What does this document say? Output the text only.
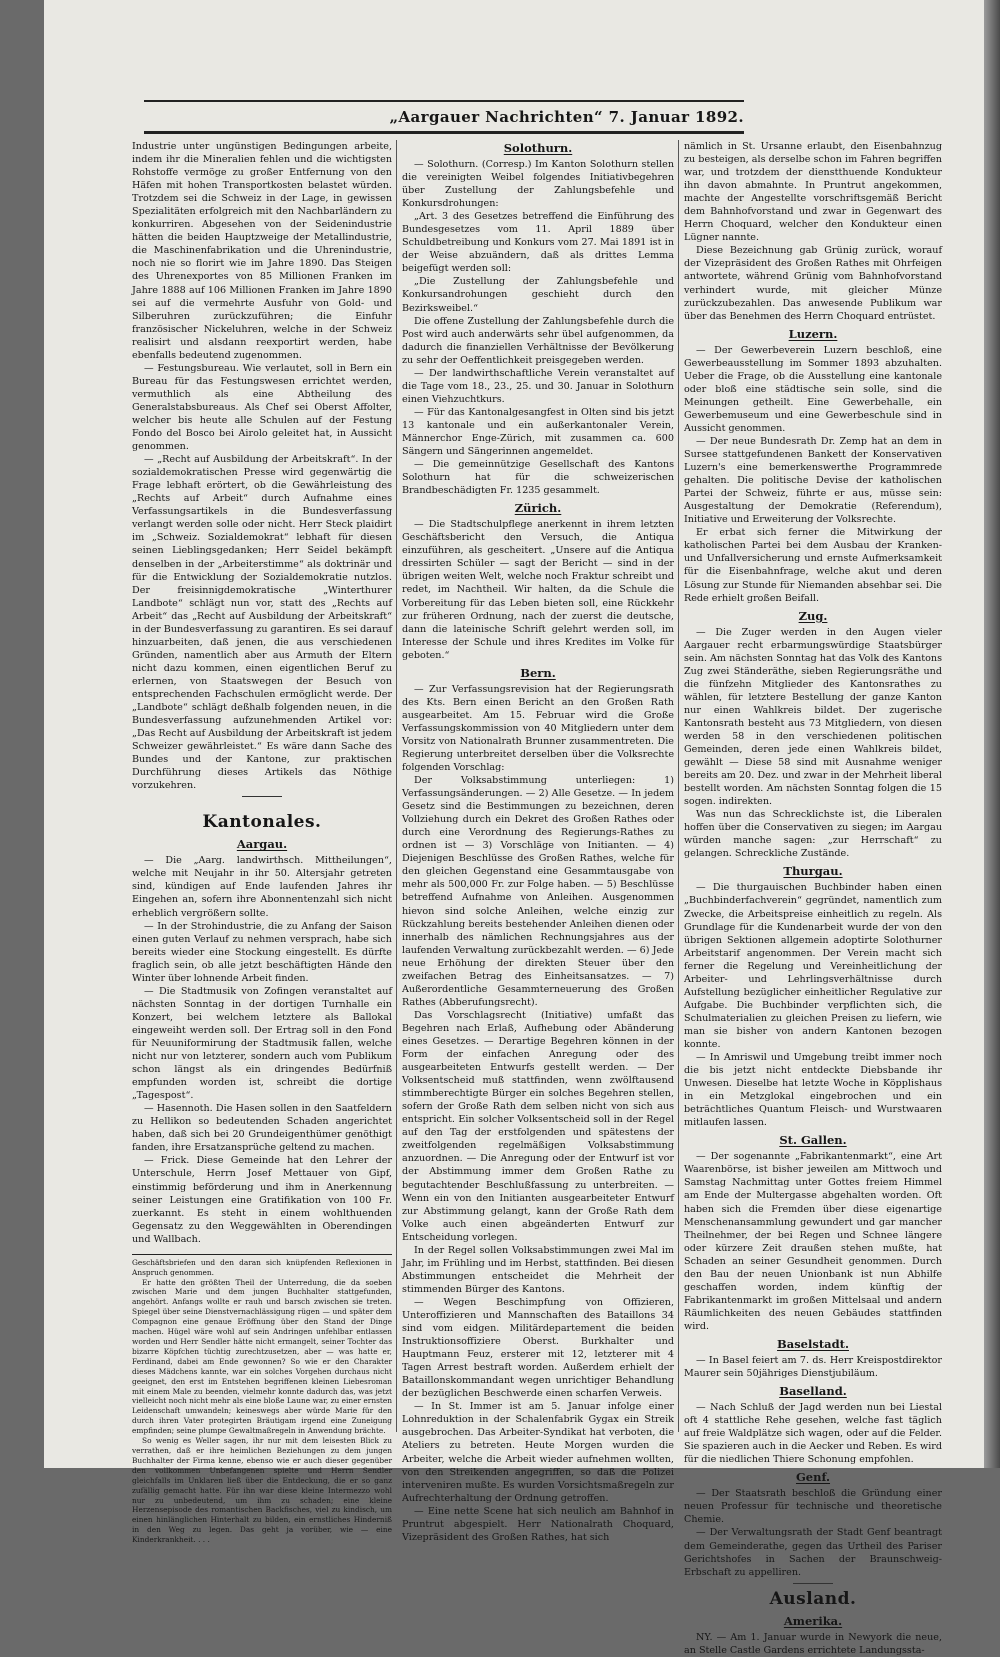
„Aargauer Nachrichten“ 7. Januar 1892.

Industrie unter ungünstigen Bedingungen arbeite, indem ihr die Mineralien fehlen und die wichtigsten Rohstoffe vermöge zu großer Entfernung von den Häfen mit hohen Transportkosten belastet würden. Trotzdem sei die Schweiz in der Lage, in gewissen Spezialitäten erfolgreich mit den Nachbarländern zu konkurriren. Abgesehen von der Seidenindustrie hätten die beiden Hauptzweige der Metallindustrie, die Maschinenfabrikation und die Uhrenindustrie, noch nie so florirt wie im Jahre 1890. Das Steigen des Uhrenexportes von 85 Millionen Franken im Jahre 1888 auf 106 Millionen Franken im Jahre 1890 sei auf die vermehrte Ausfuhr von Gold- und Silberuhren zurückzuführen; die Einfuhr französischer Nickeluhren, welche in der Schweiz realisirt und alsdann reexportirt werden, habe ebenfalls bedeutend zugenommen.

— Festungsbureau. Wie verlautet, soll in Bern ein Bureau für das Festungswesen errichtet werden, vermuthlich als eine Abtheilung des Generalstabsbureaus. Als Chef sei Oberst Affolter, welcher bis heute alle Schulen auf der Festung Fondo del Bosco bei Airolo geleitet hat, in Aussicht genommen.

— „Recht auf Ausbildung der Arbeitskraft“. In der sozialdemokratischen Presse wird gegenwärtig die Frage lebhaft erörtert, ob die Gewährleistung des „Rechts auf Arbeit“ durch Aufnahme eines Verfassungsartikels in die Bundesverfassung verlangt werden solle oder nicht. Herr Steck plaidirt im „Schweiz. Sozialdemokrat“ lebhaft für diesen seinen Lieblingsgedanken; Herr Seidel bekämpft denselben in der „Arbeiterstimme“ als doktrinär und für die Entwicklung der Sozialdemokratie nutzlos. Der freisinnigdemokratische „Winterthurer Landbote“ schlägt nun vor, statt des „Rechts auf Arbeit“ das „Recht auf Ausbildung der Arbeitskraft“ in der Bundesverfassung zu garantiren. Es sei darauf hinzuarbeiten, daß jenen, die aus verschiedenen Gründen, namentlich aber aus Armuth der Eltern nicht dazu kommen, einen eigentlichen Beruf zu erlernen, von Staatswegen der Besuch von entsprechenden Fachschulen ermöglicht werde. Der „Landbote“ schlägt deßhalb folgenden neuen, in die Bundesverfassung aufzunehmenden Artikel vor: „Das Recht auf Ausbildung der Arbeitskraft ist jedem Schweizer gewährleistet.“ Es wäre dann Sache des Bundes und der Kantone, zur praktischen Durchführung dieses Artikels das Nöthige vorzukehren.

Kantonales.
Aargau.

— Die „Aarg. landwirthsch. Mittheilungen“, welche mit Neujahr in ihr 50. Altersjahr getreten sind, kündigen auf Ende laufenden Jahres ihr Eingehen an, sofern ihre Abonnentenzahl sich nicht erheblich vergrößern sollte.

— In der Strohindustrie, die zu Anfang der Saison einen guten Verlauf zu nehmen versprach, habe sich bereits wieder eine Stockung eingestellt. Es dürfte fraglich sein, ob alle jetzt beschäftigten Hände den Winter über lohnende Arbeit finden.

— Die Stadtmusik von Zofingen veranstaltet auf nächsten Sonntag in der dortigen Turnhalle ein Konzert, bei welchem letztere als Ballokal eingeweiht werden soll. Der Ertrag soll in den Fond für Neuuniformirung der Stadtmusik fallen, welche nicht nur von letzterer, sondern auch vom Publikum schon längst als ein dringendes Bedürfniß empfunden worden ist, schreibt die dortige „Tagespost“.

— Hasennoth. Die Hasen sollen in den Saatfeldern zu Hellikon so bedeutenden Schaden angerichtet haben, daß sich bei 20 Grundeigenthümer genöthigt fanden, ihre Ersatzansprüche geltend zu machen.

— Frick. Diese Gemeinde hat den Lehrer der Unterschule, Herrn Josef Mettauer von Gipf, einstimmig beförderung und ihm in Anerkennung seiner Leistungen eine Gratifikation von 100 Fr. zuerkannt. Es steht in einem wohlthuenden Gegensatz zu den Weggewählten in Oberendingen und Wallbach.

Geschäftsbriefen und den daran sich knüpfenden Reflexionen in Anspruch genommen.

Er hatte den größten Theil der Unterredung, die da soeben zwischen Marie und dem jungen Buchhalter stattgefunden, angehört. Anfangs wollte er rauh und barsch zwischen sie treten. Spiegel über seine Dienstvernachlässigung rügen — und später dem Compagnon eine genaue Eröffnung über den Stand der Dinge machen. Hügel wäre wohl auf sein Andringen unfehlbar entlassen worden und Herr Sendler hätte nicht ermangelt, seiner Tochter das bizarre Köpfchen tüchtig zurechtzusetzen, aber — was hatte er, Ferdinand, dabei am Ende gewonnen? So wie er den Charakter dieses Mädchens kannte, war ein solches Vorgehen durchaus nicht geeignet, den erst im Entstehen begriffenen kleinen Liebesroman mit einem Male zu beenden, vielmehr konnte dadurch das, was jetzt vielleicht noch nicht mehr als eine bloße Laune war, zu einer ernsten Leidenschaft umwandeln; keineswegs aber würde Marie für den durch ihren Vater protegirten Bräutigam irgend eine Zuneigung empfinden; seine plumpe Gewaltmaßregeln in Anwendung brächte.

So wenig es Weller sagen, ihr nur mit dem leisesten Blick zu verrathen, daß er ihre heimlichen Beziehungen zu dem jungen Buchhalter der Firma kenne, ebenso wie er auch dieser gegenüber den vollkommen Unbefangenen spielte und Herrn Sendler gleichfalls im Unklaren ließ über die Entdeckung, die er so ganz zufällig gemacht hatte. Für ihn war diese kleine Intermezzo wohl nur zu unbedeutend, um ihm zu schaden; eine kleine Herzensepisode des romantischen Backfisches, viel zu kindisch, um einen hinlänglichen Hinterhalt zu bilden, ein ernstliches Hinderniß in den Weg zu legen. Das geht ja vorüber, wie — eine Kinderkrankheit. . . .

Solothurn.

— Solothurn. (Corresp.) Im Kanton Solothurn stellen die vereinigten Weibel folgendes Initiativbegehren über Zustellung der Zahlungsbefehle und Konkursdrohungen:

„Art. 3 des Gesetzes betreffend die Einführung des Bundesgesetzes vom 11. April 1889 über Schuldbetreibung und Konkurs vom 27. Mai 1891 ist in der Weise abzuändern, daß als drittes Lemma beigefügt werden soll:

„Die Zustellung der Zahlungsbefehle und Konkursandrohungen geschieht durch den Bezirksweibel.“

Die offene Zustellung der Zahlungsbefehle durch die Post wird auch anderwärts sehr übel aufgenommen, da dadurch die finanziellen Verhältnisse der Bevölkerung zu sehr der Oeffentlichkeit preisgegeben werden.

— Der landwirthschaftliche Verein veranstaltet auf die Tage vom 18., 23., 25. und 30. Januar in Solothurn einen Viehzuchtkurs.

— Für das Kantonalgesangfest in Olten sind bis jetzt 13 kantonale und ein außerkantonaler Verein, Männerchor Enge-Zürich, mit zusammen ca. 600 Sängern und Sängerinnen angemeldet.

— Die gemeinnützige Gesellschaft des Kantons Solothurn hat für die schweizerischen Brandbeschädigten Fr. 1235 gesammelt.

Zürich.

— Die Stadtschulpflege anerkennt in ihrem letzten Geschäftsbericht den Versuch, die Antiqua einzuführen, als gescheitert. „Unsere auf die Antiqua dressirten Schüler — sagt der Bericht — sind in der übrigen weiten Welt, welche noch Fraktur schreibt und redet, im Nachtheil. Wir halten, da die Schule die Vorbereitung für das Leben bieten soll, eine Rückkehr zur früheren Ordnung, nach der zuerst die deutsche, dann die lateinische Schrift gelehrt werden soll, im Interesse der Schule und ihres Kredites im Volke für geboten.“

Bern.

— Zur Verfassungsrevision hat der Regierungsrath des Kts. Bern einen Bericht an den Großen Rath ausgearbeitet. Am 15. Februar wird die Große Verfassungskommission von 40 Mitgliedern unter dem Vorsitz von Nationalrath Brunner zusammentreten. Die Regierung unterbreitet derselben über die Volksrechte folgenden Vorschlag:

Der Volksabstimmung unterliegen: 1) Verfassungsänderungen. — 2) Alle Gesetze. — In jedem Gesetz sind die Bestimmungen zu bezeichnen, deren Vollziehung durch ein Dekret des Großen Rathes oder durch eine Verordnung des Regierungs-Rathes zu ordnen ist — 3) Vorschläge von Initianten. — 4) Diejenigen Beschlüsse des Großen Rathes, welche für den gleichen Gegenstand eine Gesammtausgabe von mehr als 500,000 Fr. zur Folge haben. — 5) Beschlüsse betreffend Aufnahme von Anleihen. Ausgenommen hievon sind solche Anleihen, welche einzig zur Rückzahlung bereits bestehender Anleihen dienen oder innerhalb des nämlichen Rechnungsjahres aus der laufenden Verwaltung zurückbezahlt werden. — 6) Jede neue Erhöhung der direkten Steuer über den zweifachen Betrag des Einheitsansatzes. — 7) Außerordentliche Gesammterneuerung des Großen Rathes (Abberufungsrecht).

Das Vorschlagsrecht (Initiative) umfaßt das Begehren nach Erlaß, Aufhebung oder Abänderung eines Gesetzes. — Derartige Begehren können in der Form der einfachen Anregung oder des ausgearbeiteten Entwurfs gestellt werden. — Der Volksentscheid muß stattfinden, wenn zwölftausend stimmberechtigte Bürger ein solches Begehren stellen, sofern der Große Rath dem selben nicht von sich aus entspricht. Ein solcher Volksentscheid soll in der Regel auf den Tag der erstfolgenden und spätestens der zweitfolgenden regelmäßigen Volksabstimmung anzuordnen. — Die Anregung oder der Entwurf ist vor der Abstimmung immer dem Großen Rathe zu begutachtender Beschlußfassung zu unterbreiten. — Wenn ein von den Initianten ausgearbeiteter Entwurf zur Abstimmung gelangt, kann der Große Rath dem Volke auch einen abgeänderten Entwurf zur Entscheidung vorlegen.

In der Regel sollen Volksabstimmungen zwei Mal im Jahr, im Frühling und im Herbst, stattfinden. Bei diesen Abstimmungen entscheidet die Mehrheit der stimmenden Bürger des Kantons.

— Wegen Beschimpfung von Offizieren, Unteroffizieren und Mannschaften des Bataillons 34 sind vom eidgen. Militärdepartement die beiden Instruktionsoffiziere Oberst. Burkhalter und Hauptmann Feuz, ersterer mit 12, letzterer mit 4 Tagen Arrest bestraft worden. Außerdem erhielt der Bataillonskommandant wegen unrichtiger Behandlung der bezüglichen Beschwerde einen scharfen Verweis.

— In St. Immer ist am 5. Januar infolge einer Lohnreduktion in der Schalenfabrik Gygax ein Streik ausgebrochen. Das Arbeiter-Syndikat hat verboten, die Ateliers zu betreten. Heute Morgen wurden die Arbeiter, welche die Arbeit wieder aufnehmen wollten, von den Streikenden angegriffen, so daß die Polizei interveniren mußte. Es wurden Vorsichtsmaßregeln zur Aufrechterhaltung der Ordnung getroffen.

— Eine nette Scene hat sich neulich am Bahnhof in Pruntrut abgespielt. Herr Nationalrath Choquard, Vizepräsident des Großen Rathes, hat sich

nämlich in St. Ursanne erlaubt, den Eisenbahnzug zu besteigen, als derselbe schon im Fahren begriffen war, und trotzdem der dienstthuende Kondukteur ihn davon abmahnte. In Pruntrut angekommen, machte der Angestellte vorschriftsgemäß Bericht dem Bahnhofvorstand und zwar in Gegenwart des Herrn Choquard, welcher den Kondukteur einen Lügner nannte.

Diese Bezeichnung gab Grünig zurück, worauf der Vizepräsident des Großen Rathes mit Ohrfeigen antwortete, während Grünig vom Bahnhofvorstand verhindert wurde, mit gleicher Münze zurückzubezahlen. Das anwesende Publikum war über das Benehmen des Herrn Choquard entrüstet.

Luzern.

— Der Gewerbeverein Luzern beschloß, eine Gewerbeausstellung im Sommer 1893 abzuhalten. Ueber die Frage, ob die Ausstellung eine kantonale oder bloß eine städtische sein solle, sind die Meinungen getheilt. Eine Gewerbehalle, ein Gewerbemuseum und eine Gewerbeschule sind in Aussicht genommen.

— Der neue Bundesrath Dr. Zemp hat an dem in Sursee stattgefundenen Bankett der Konservativen Luzern's eine bemerkenswerthe Programmrede gehalten. Die politische Devise der katholischen Partei der Schweiz, führte er aus, müsse sein: Ausgestaltung der Demokratie (Referendum), Initiative und Erweiterung der Volksrechte.

Er erbat sich ferner die Mitwirkung der katholischen Partei bei dem Ausbau der Kranken- und Unfallversicherung und ernste Aufmerksamkeit für die Eisenbahnfrage, welche akut und deren Lösung zur Stunde für Niemanden absehbar sei. Die Rede erhielt großen Beifall.

Zug.

— Die Zuger werden in den Augen vieler Aargauer recht erbarmungswürdige Staatsbürger sein. Am nächsten Sonntag hat das Volk des Kantons Zug zwei Ständeräthe, sieben Regierungsräthe und die fünfzehn Mitglieder des Kantonsrathes zu wählen, für letztere Bestellung der ganze Kanton nur einen Wahlkreis bildet. Der zugerische Kantonsrath besteht aus 73 Mitgliedern, von diesen werden 58 in den verschiedenen politischen Gemeinden, deren jede einen Wahlkreis bildet, gewählt — Diese 58 sind mit Ausnahme weniger bereits am 20. Dez. und zwar in der Mehrheit liberal bestellt worden. Am nächsten Sonntag folgen die 15 sogen. indirekten.

Was nun das Schrecklichste ist, die Liberalen hoffen über die Conservativen zu siegen; im Aargau würden manche sagen: „zur Herrschaft“ zu gelangen. Schreckliche Zustände.

Thurgau.

— Die thurgauischen Buchbinder haben einen „Buchbinderfachverein“ gegründet, namentlich zum Zwecke, die Arbeitspreise einheitlich zu regeln. Als Grundlage für die Kundenarbeit wurde der von den übrigen Sektionen allgemein adoptirte Solothurner Arbeitstarif angenommen. Der Verein macht sich ferner die Regelung und Vereinheitlichung der Arbeiter- und Lehrlingsverhältnisse durch Aufstellung bezüglicher einheitlicher Regulative zur Aufgabe. Die Buchbinder verpflichten sich, die Schulmaterialien zu gleichen Preisen zu liefern, wie man sie bisher von andern Kantonen bezogen konnte.

— In Amriswil und Umgebung treibt immer noch die bis jetzt nicht entdeckte Diebsbande ihr Unwesen. Dieselbe hat letzte Woche in Köpplishaus in ein Metzglokal eingebrochen und ein beträchtliches Quantum Fleisch- und Wurstwaaren mitlaufen lassen.

St. Gallen.

— Der sogenannte „Fabrikantenmarkt“, eine Art Waarenbörse, ist bisher jeweilen am Mittwoch und Samstag Nachmittag unter Gottes freiem Himmel am Ende der Multergasse abgehalten worden. Oft haben sich die Fremden über diese eigenartige Menschenansammlung gewundert und gar mancher Theilnehmer, der bei Regen und Schnee längere oder kürzere Zeit draußen stehen mußte, hat Schaden an seiner Gesundheit genommen. Durch den Bau der neuen Unionbank ist nun Abhilfe geschaffen worden, indem künftig der Fabrikantenmarkt im großen Mittelsaal und andern Räumlichkeiten des neuen Gebäudes stattfinden wird.

Baselstadt.

— In Basel feiert am 7. ds. Herr Kreispostdirektor Maurer sein 50jähriges Dienstjubiläum.

Baselland.

— Nach Schluß der Jagd werden nun bei Liestal oft 4 stattliche Rehe gesehen, welche fast täglich auf freie Waldplätze sich wagen, oder auf die Felder. Sie spazieren auch in die Aecker und Reben. Es wird für die niedlichen Thiere Schonung empfohlen.

Genf.

— Der Staatsrath beschloß die Gründung einer neuen Professur für technische und theoretische Chemie.

— Der Verwaltungsrath der Stadt Genf beantragt dem Gemeinderathe, gegen das Urtheil des Pariser Gerichtshofes in Sachen der Braunschweig-Erbschaft zu appelliren.

Ausland.
Amerika.

NY. — Am 1. Januar wurde in Newyork die neue, an Stelle Castle Gardens errichtete Landungssta-
